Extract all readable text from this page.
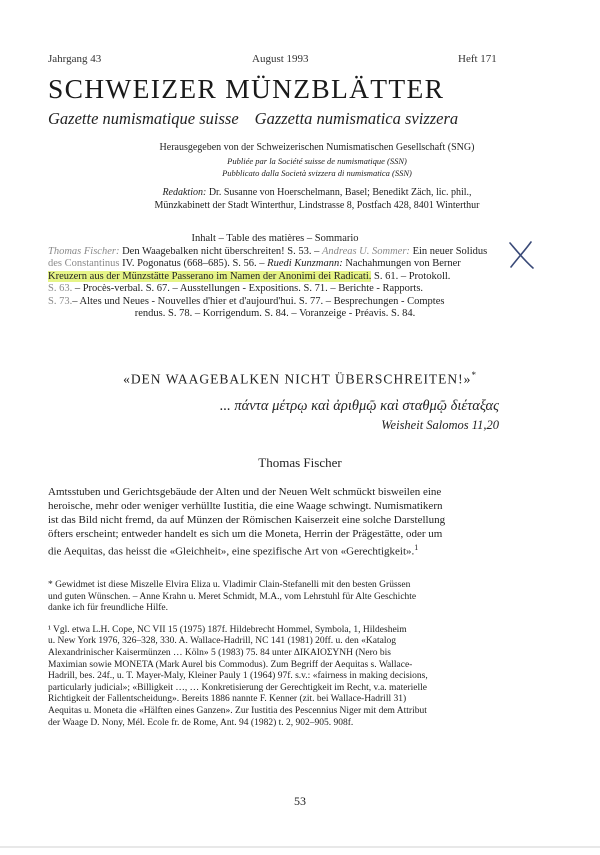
Jahrgang 43	August 1993	Heft 171
SCHWEIZER MÜNZBLÄTTER
Gazette numismatique suisse Gazzetta numismatica svizzera
Herausgegeben von der Schweizerischen Numismatischen Gesellschaft (SNG)
Publiée par la Société suisse de numismatique (SSN)
Pubblicato dalla Società svizzera di numismatica (SSN)
Redaktion: Dr. Susanne von Hoerschelmann, Basel; Benedikt Zäch, lic. phil.,
Münzkabinett der Stadt Winterthur, Lindstrasse 8, Postfach 428, 8401 Winterthur

Inhalt – Table des matières – Sommario

Thomas Fischer: Den Waagebalken nicht überschreiten! S. 53. – Andreas U. Sommer: Ein neuer Solidus

des Constantinus IV. Pogonatus (668–685). S. 56. – Ruedi Kunzmann: Nachahmungen von Berner

Kreuzern aus der Münzstätte Passerano im Namen der Anonimi dei Radicati. S. 61. – Protokoll.

S. 63. – Procès-verbal. S. 67. – Ausstellungen - Expositions. S. 71. – Berichte - Rapports.

S. 73.– Altes und Neues - Nouvelles d'hier et d'aujourd'hui. S. 77. – Besprechungen - Comptes

rendus. S. 78. – Korrigendum. S. 84. – Voranzeige - Préavis. S. 84.

«DEN WAAGEBALKEN NICHT ÜBERSCHREITEN!»*
... πάντα μέτρῳ καὶ ἀριθμῷ καὶ σταθμῷ διέταξας
Weisheit Salomos 11,20
Thomas Fischer

Amtsstuben und Gerichtsgebäude der Alten und der Neuen Welt schmückt bisweilen eine

heroische, mehr oder weniger verhüllte Iustitia, die eine Waage schwingt. Numismatikern

ist das Bild nicht fremd, da auf Münzen der Römischen Kaiserzeit eine solche Darstellung

öfters erscheint; entweder handelt es sich um die Moneta, Herrin der Prägestätte, oder um

die Aequitas, das heisst die «Gleichheit», eine spezifische Art von «Gerechtigkeit».$^1$

* Gewidmet ist diese Miszelle Elvira Eliza u. Vladimir Clain-Stefanelli mit den besten Grüssen

und guten Wünschen. – Anne Krahn u. Meret Schmidt, M.A., vom Lehrstuhl für Alte Geschichte

danke ich für freundliche Hilfe.

¹ Vgl. etwa L.H. Cope, NC VII 15 (1975) 187f. Hildebrecht Hommel, Symbola, 1, Hildesheim

u. New York 1976, 326–328, 330. A. Wallace-Hadrill, NC 141 (1981) 20ff. u. den «Katalog

Alexandrinischer Kaisermünzen … Köln» 5 (1983) 75. 84 unter ΔΙΚΑΙΟΣΥΝΗ (Nero bis

Maximian sowie MONETA (Mark Aurel bis Commodus). Zum Begriff der Aequitas s. Wallace-

Hadrill, bes. 24f., u. T. Mayer-Maly, Kleiner Pauly 1 (1964) 97f. s.v.: «fairness in making decisions,

particularly judicial»; «Billigkeit …, … Konkretisierung der Gerechtigkeit im Recht, v.a. materielle

Richtigkeit der Fallentscheidung». Bereits 1886 nannte F. Kenner (zit. bei Wallace-Hadrill 31)

Aequitas u. Moneta die «Hälften eines Ganzen». Zur Iustitia des Pescennius Niger mit dem Attribut

der Waage D. Nony, Mél. Ecole fr. de Rome, Ant. 94 (1982) t. 2, 902–905. 908f.

53
